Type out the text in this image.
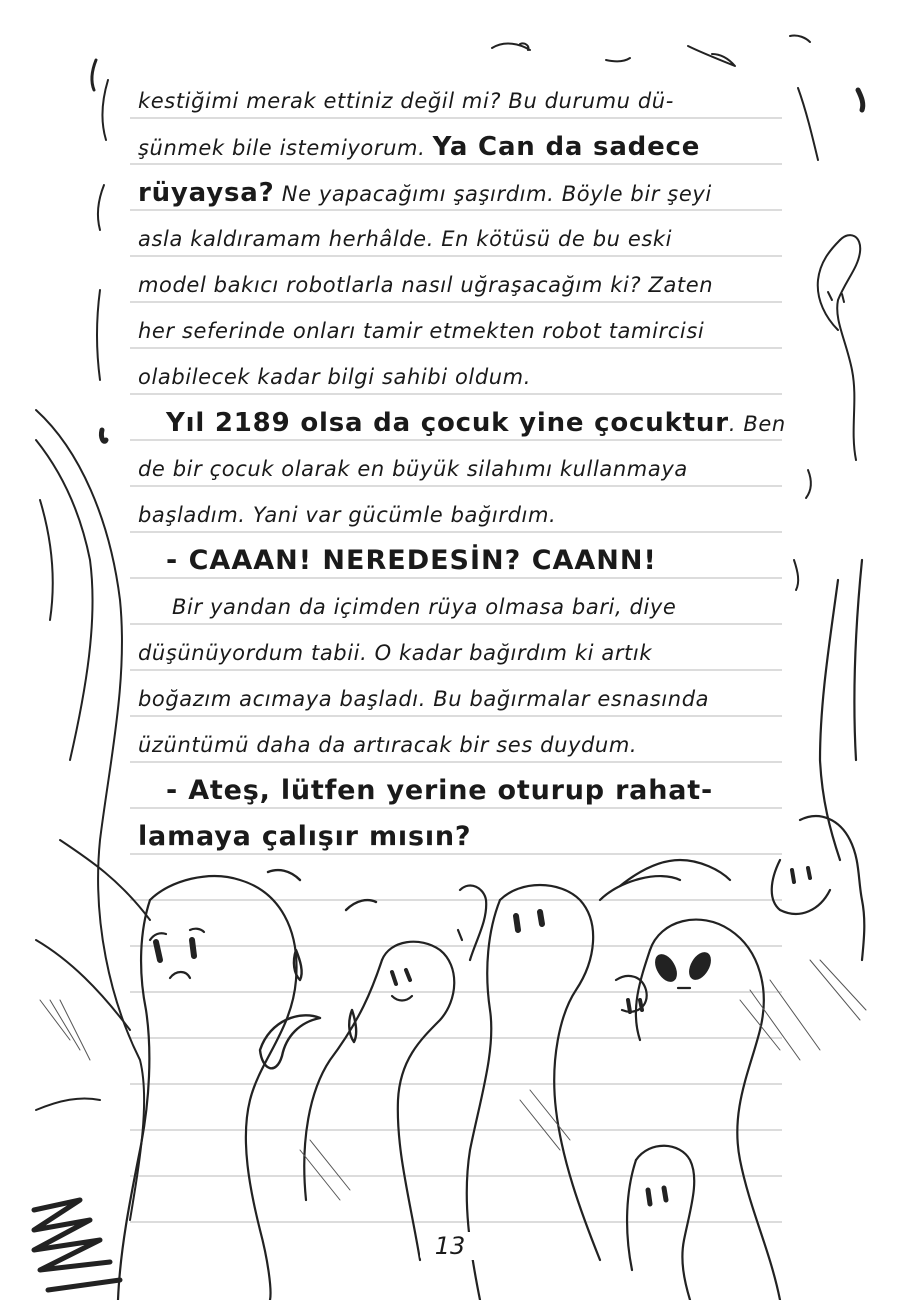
kestiğimi merak ettiniz değil mi? Bu durumu dü-
şünmek bile istemiyorum. Ya Can da sadece
rüyaysa? Ne yapacağımı şaşırdım. Böyle bir şeyi
asla kaldıramam herhâlde. En kötüsü de bu eski
model bakıcı robotlarla nasıl uğraşacağım ki? Zaten
her seferinde onları tamir etmekten robot tamircisi
olabilecek kadar bilgi sahibi oldum.
Yıl 2189 olsa da çocuk yine çocuktur. Ben
de bir çocuk olarak en büyük silahımı kullanmaya
başladım. Yani var gücümle bağırdım.
- CAAAN! NEREDESİN? CAANN!
Bir yandan da içimden rüya olmasa bari, diye
düşünüyordum tabii. O kadar bağırdım ki artık
boğazım acımaya başladı. Bu bağırmalar esnasında
üzüntümü daha da artıracak bir ses duydum.
- Ateş, lütfen yerine oturup rahat-
lamaya çalışır mısın?
13
